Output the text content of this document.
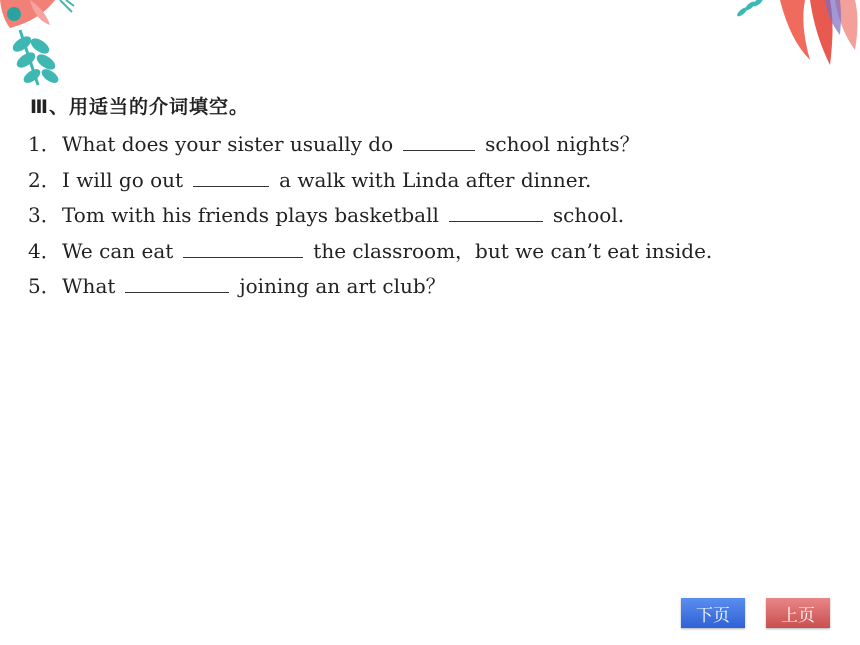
Ⅲ、用适当的介词填空。
1． What does your sister usually do	school nights？
2． I will go out	a walk with Linda after dinner.
3． Tom with his friends plays basketball	school.
4． We can eat	the classroom，but we can’t eat inside.
5． What	joining an art club？
下页	上页
